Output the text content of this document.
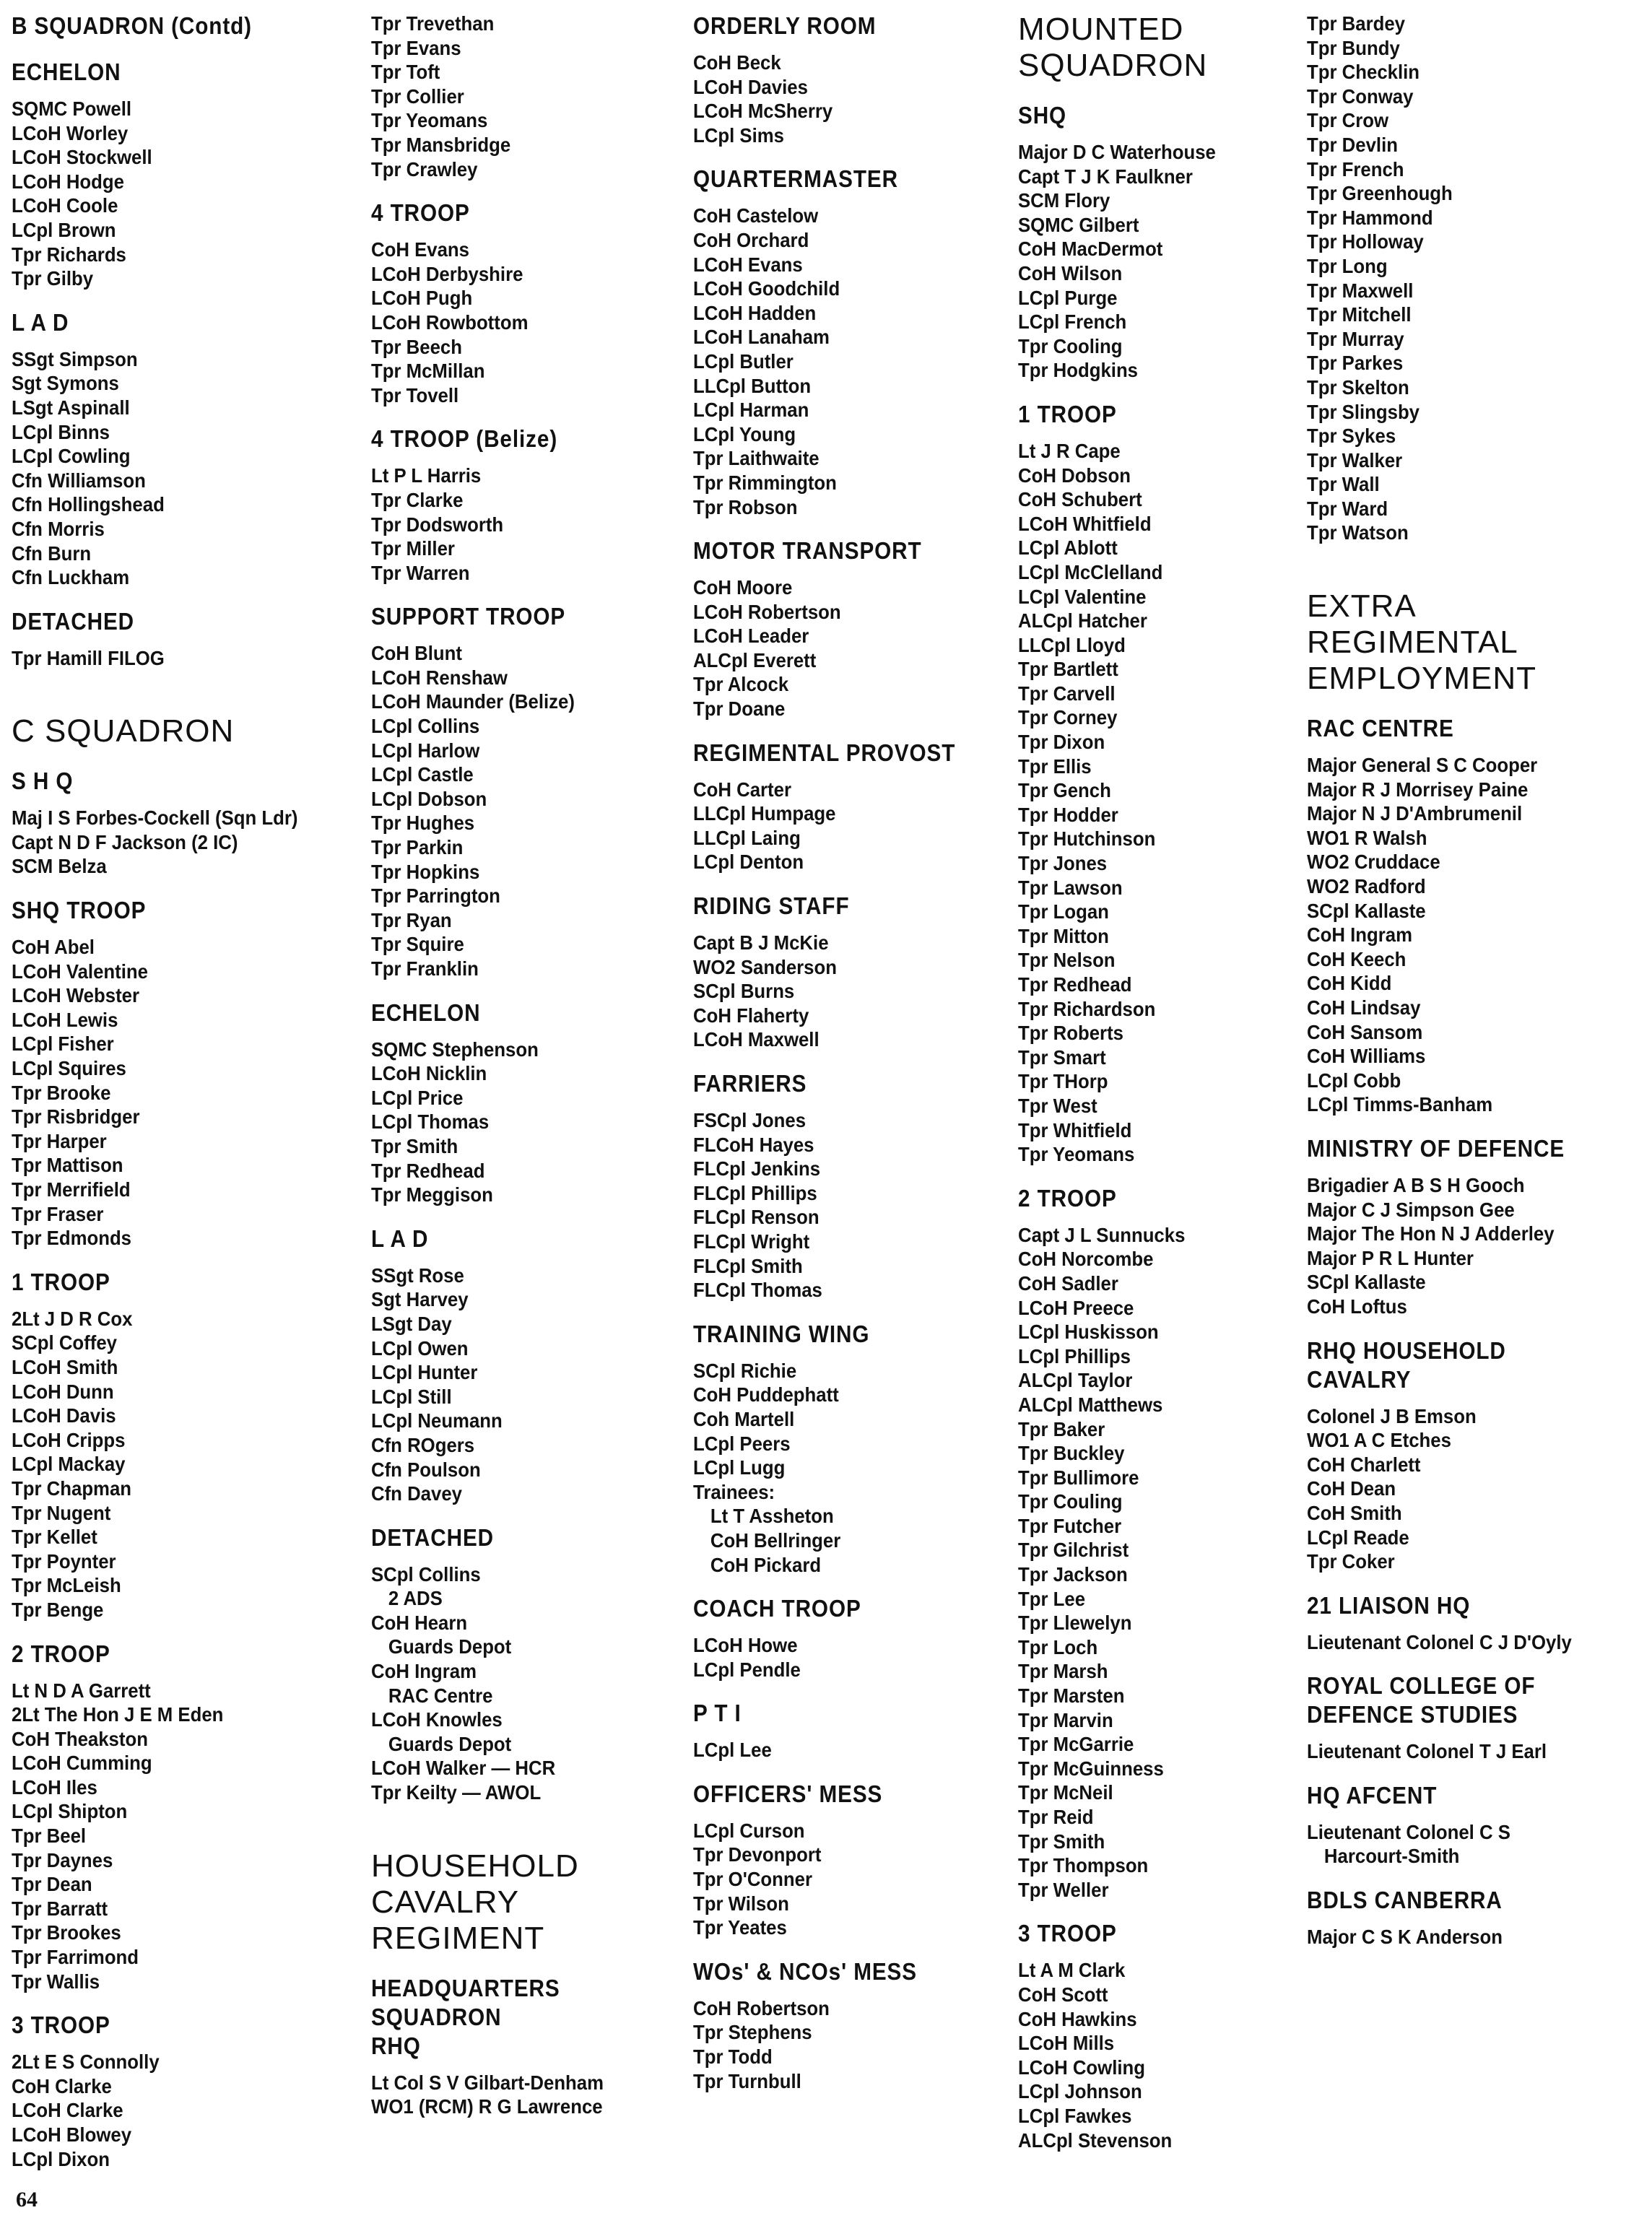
B SQUADRON (Contd)
ECHELON
SQMC Powell
LCoH Worley
LCoH Stockwell
LCoH Hodge
LCoH Coole
LCpl Brown
Tpr Richards
Tpr Gilby
L A D
SSgt Simpson
Sgt Symons
LSgt Aspinall
LCpl Binns
LCpl Cowling
Cfn Williamson
Cfn Hollingshead
Cfn Morris
Cfn Burn
Cfn Luckham
DETACHED
Tpr Hamill FILOG
C SQUADRON
S H Q
Maj I S Forbes-Cockell (Sqn Ldr)
Capt N D F Jackson (2 IC)
SCM Belza
SHQ TROOP
CoH Abel
LCoH Valentine
LCoH Webster
LCoH Lewis
LCpl Fisher
LCpl Squires
Tpr Brooke
Tpr Risbridger
Tpr Harper
Tpr Mattison
Tpr Merrifield
Tpr Fraser
Tpr Edmonds
1 TROOP
2Lt J D R Cox
SCpl Coffey
LCoH Smith
LCoH Dunn
LCoH Davis
LCoH Cripps
LCpl Mackay
Tpr Chapman
Tpr Nugent
Tpr Kellet
Tpr Poynter
Tpr McLeish
Tpr Benge
2 TROOP
Lt N D A Garrett
2Lt The Hon J E M Eden
CoH Theakston
LCoH Cumming
LCoH Iles
LCpl Shipton
Tpr Beel
Tpr Daynes
Tpr Dean
Tpr Barratt
Tpr Brookes
Tpr Farrimond
Tpr Wallis
3 TROOP
2Lt E S Connolly
CoH Clarke
LCoH Clarke
LCoH Blowey
LCpl Dixon
Tpr Trevethan
Tpr Evans
Tpr Toft
Tpr Collier
Tpr Yeomans
Tpr Mansbridge
Tpr Crawley
4 TROOP
CoH Evans
LCoH Derbyshire
LCoH Pugh
LCoH Rowbottom
Tpr Beech
Tpr McMillan
Tpr Tovell
4 TROOP (Belize)
Lt P L Harris
Tpr Clarke
Tpr Dodsworth
Tpr Miller
Tpr Warren
SUPPORT TROOP
CoH Blunt
LCoH Renshaw
LCoH Maunder (Belize)
LCpl Collins
LCpl Harlow
LCpl Castle
LCpl Dobson
Tpr Hughes
Tpr Parkin
Tpr Hopkins
Tpr Parrington
Tpr Ryan
Tpr Squire
Tpr Franklin
ECHELON
SQMC Stephenson
LCoH Nicklin
LCpl Price
LCpl Thomas
Tpr Smith
Tpr Redhead
Tpr Meggison
L A D
SSgt Rose
Sgt Harvey
LSgt Day
LCpl Owen
LCpl Hunter
LCpl Still
LCpl Neumann
Cfn ROgers
Cfn Poulson
Cfn Davey
DETACHED
SCpl Collins
2 ADS
CoH Hearn
Guards Depot
CoH Ingram
RAC Centre
LCoH Knowles
Guards Depot
LCoH Walker — HCR
Tpr Keilty — AWOL
HOUSEHOLD
CAVALRY
REGIMENT
HEADQUARTERS
SQUADRON
RHQ
Lt Col S V Gilbart-Denham
WO1 (RCM) R G Lawrence
ORDERLY ROOM
CoH Beck
LCoH Davies
LCoH McSherry
LCpl Sims
QUARTERMASTER
CoH Castelow
CoH Orchard
LCoH Evans
LCoH Goodchild
LCoH Hadden
LCoH Lanaham
LCpl Butler
LLCpl Button
LCpl Harman
LCpl Young
Tpr Laithwaite
Tpr Rimmington
Tpr Robson
MOTOR TRANSPORT
CoH Moore
LCoH Robertson
LCoH Leader
ALCpl Everett
Tpr Alcock
Tpr Doane
REGIMENTAL PROVOST
CoH Carter
LLCpl Humpage
LLCpl Laing
LCpl Denton
RIDING STAFF
Capt B J McKie
WO2 Sanderson
SCpl Burns
CoH Flaherty
LCoH Maxwell
FARRIERS
FSCpl Jones
FLCoH Hayes
FLCpl Jenkins
FLCpl Phillips
FLCpl Renson
FLCpl Wright
FLCpl Smith
FLCpl Thomas
TRAINING WING
SCpl Richie
CoH Puddephatt
Coh Martell
LCpl Peers
LCpl Lugg
Trainees:
Lt T Assheton
CoH Bellringer
CoH Pickard
COACH TROOP
LCoH Howe
LCpl Pendle
P T I
LCpl Lee
OFFICERS' MESS
LCpl Curson
Tpr Devonport
Tpr O'Conner
Tpr Wilson
Tpr Yeates
WOs' & NCOs' MESS
CoH Robertson
Tpr Stephens
Tpr Todd
Tpr Turnbull
MOUNTED
SQUADRON
SHQ
Major D C Waterhouse
Capt T J K Faulkner
SCM Flory
SQMC Gilbert
CoH MacDermot
CoH Wilson
LCpl Purge
LCpl French
Tpr Cooling
Tpr Hodgkins
1 TROOP
Lt J R Cape
CoH Dobson
CoH Schubert
LCoH Whitfield
LCpl Ablott
LCpl McClelland
LCpl Valentine
ALCpl Hatcher
LLCpl Lloyd
Tpr Bartlett
Tpr Carvell
Tpr Corney
Tpr Dixon
Tpr Ellis
Tpr Gench
Tpr Hodder
Tpr Hutchinson
Tpr Jones
Tpr Lawson
Tpr Logan
Tpr Mitton
Tpr Nelson
Tpr Redhead
Tpr Richardson
Tpr Roberts
Tpr Smart
Tpr THorp
Tpr West
Tpr Whitfield
Tpr Yeomans
2 TROOP
Capt J L Sunnucks
CoH Norcombe
CoH Sadler
LCoH Preece
LCpl Huskisson
LCpl Phillips
ALCpl Taylor
ALCpl Matthews
Tpr Baker
Tpr Buckley
Tpr Bullimore
Tpr Couling
Tpr Futcher
Tpr Gilchrist
Tpr Jackson
Tpr Lee
Tpr Llewelyn
Tpr Loch
Tpr Marsh
Tpr Marsten
Tpr Marvin
Tpr McGarrie
Tpr McGuinness
Tpr McNeil
Tpr Reid
Tpr Smith
Tpr Thompson
Tpr Weller
3 TROOP
Lt A M Clark
CoH Scott
CoH Hawkins
LCoH Mills
LCoH Cowling
LCpl Johnson
LCpl Fawkes
ALCpl Stevenson
Tpr Bardey
Tpr Bundy
Tpr Checklin
Tpr Conway
Tpr Crow
Tpr Devlin
Tpr French
Tpr Greenhough
Tpr Hammond
Tpr Holloway
Tpr Long
Tpr Maxwell
Tpr Mitchell
Tpr Murray
Tpr Parkes
Tpr Skelton
Tpr Slingsby
Tpr Sykes
Tpr Walker
Tpr Wall
Tpr Ward
Tpr Watson
EXTRA
REGIMENTAL
EMPLOYMENT
RAC CENTRE
Major General S C Cooper
Major R J Morrisey Paine
Major N J D'Ambrumenil
WO1 R Walsh
WO2 Cruddace
WO2 Radford
SCpl Kallaste
CoH Ingram
CoH Keech
CoH Kidd
CoH Lindsay
CoH Sansom
CoH Williams
LCpl Cobb
LCpl Timms-Banham
MINISTRY OF DEFENCE
Brigadier A B S H Gooch
Major C J Simpson Gee
Major The Hon N J Adderley
Major P R L Hunter
SCpl Kallaste
CoH Loftus
RHQ HOUSEHOLD
CAVALRY
Colonel J B Emson
WO1 A C Etches
CoH Charlett
CoH Dean
CoH Smith
LCpl Reade
Tpr Coker
21 LIAISON HQ
Lieutenant Colonel C J D'Oyly
ROYAL COLLEGE OF
DEFENCE STUDIES
Lieutenant Colonel T J Earl
HQ AFCENT
Lieutenant Colonel C S
Harcourt-Smith
BDLS CANBERRA
Major C S K Anderson
64
